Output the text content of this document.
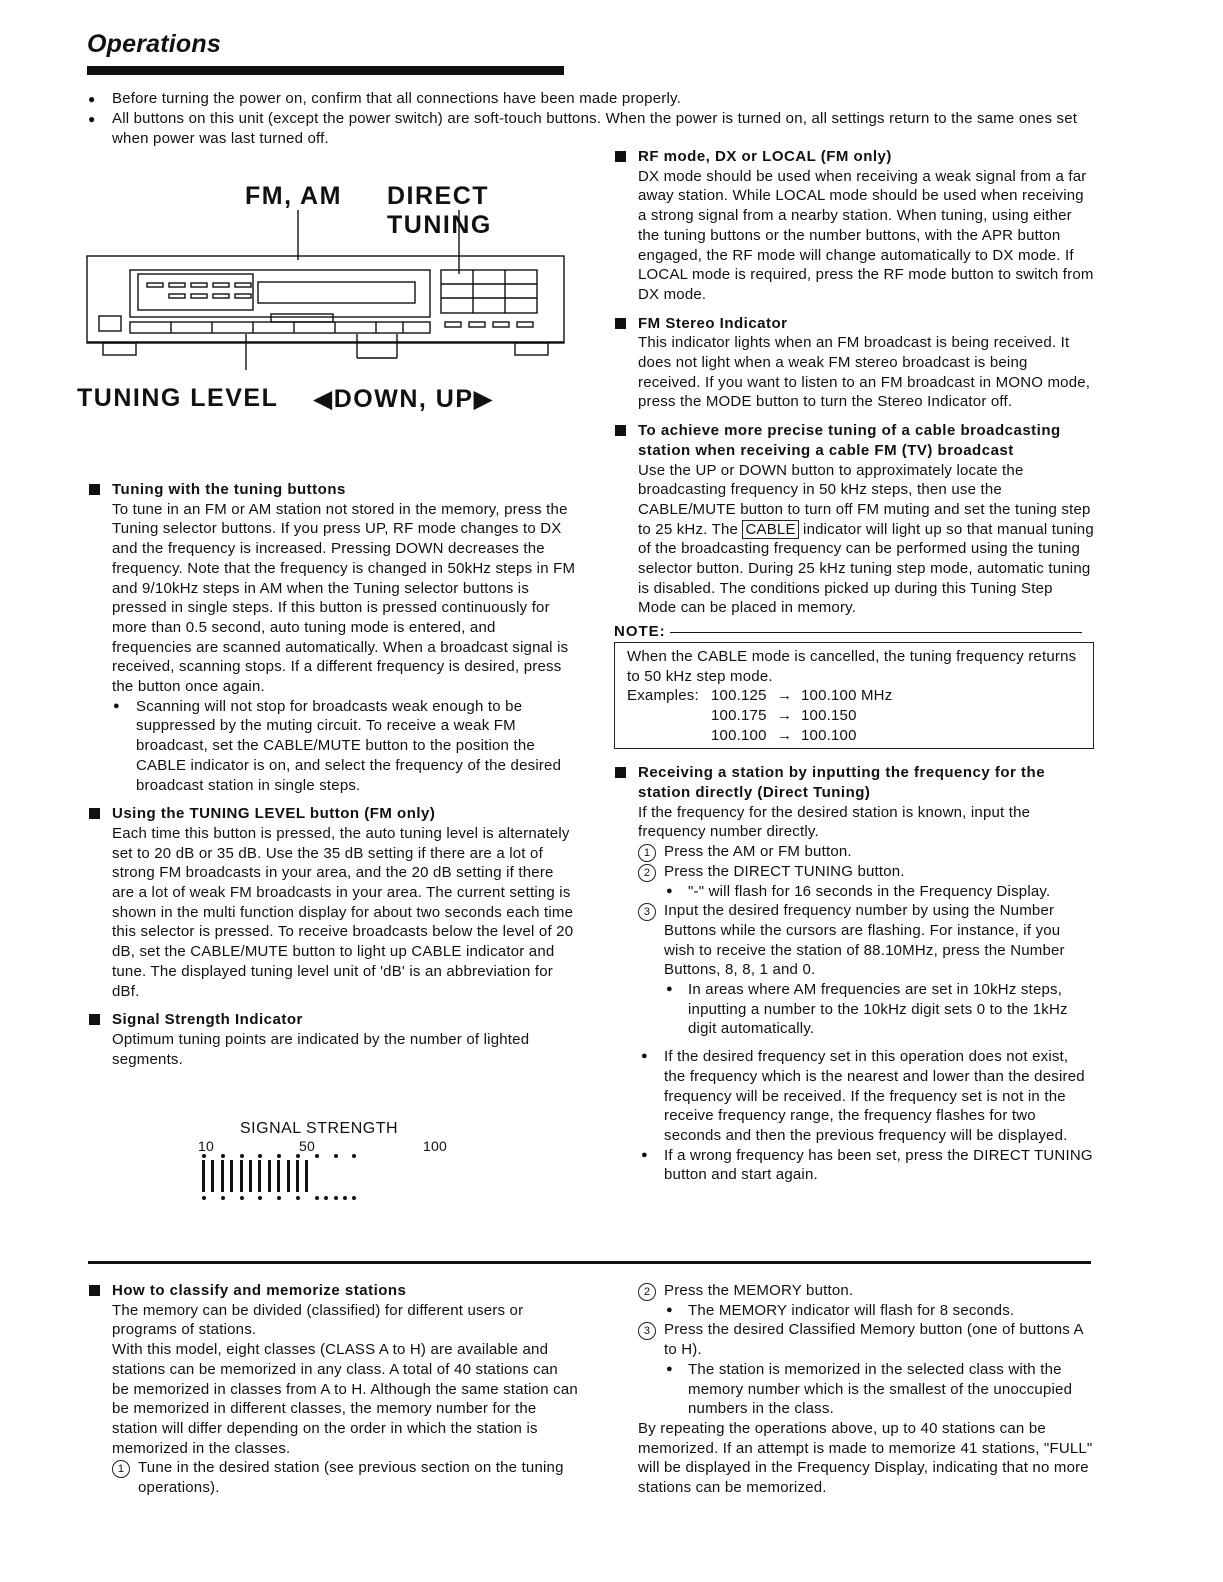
Operations
● Before turning the power on, confirm that all connections have been made properly.
● All buttons on this unit (except the power switch) are soft-touch buttons. When the power is turned on, all settings return to the same ones set when power was last turned off.
FM, AM DIRECT TUNING
TUNING LEVEL ◀DOWN, UP▶
Tuning with the tuning buttons
To tune in an FM or AM station not stored in the memory, press the Tuning selector buttons. If you press UP, RF mode changes to DX and the frequency is increased. Pressing DOWN decreases the frequency. Note that the frequency is changed in 50kHz steps in FM and 9/10kHz steps in AM when the Tuning selector buttons is pressed in single steps. If this button is pressed continuously for more than 0.5 second, auto tuning mode is entered, and frequencies are scanned automatically. When a broadcast signal is received, scanning stops. If a different frequency is desired, press the button once again.
● Scanning will not stop for broadcasts weak enough to be suppressed by the muting circuit. To receive a weak FM broadcast, set the CABLE/MUTE button to the position the CABLE indicator is on, and select the frequency of the desired broadcast station in single steps.
Using the TUNING LEVEL button (FM only)
Each time this button is pressed, the auto tuning level is alternately set to 20 dB or 35 dB. Use the 35 dB setting if there are a lot of strong FM broadcasts in your area, and the 20 dB setting if there are a lot of weak FM broadcasts in your area. The current setting is shown in the multi function display for about two seconds each time this selector is pressed. To receive broadcasts below the level of 20 dB, set the CABLE/MUTE button to light up CABLE indicator and tune. The displayed tuning level unit of 'dB' is an abbreviation for dBf.
Signal Strength Indicator
Optimum tuning points are indicated by the number of lighted segments.
SIGNAL STRENGTH
10	50	100
RF mode, DX or LOCAL (FM only)
DX mode should be used when receiving a weak signal from a far away station. While LOCAL mode should be used when receiving a strong signal from a nearby station. When tuning, using either the tuning buttons or the number buttons, with the APR button engaged, the RF mode will change automatically to DX mode. If LOCAL mode is required, press the RF mode button to switch from DX mode.
FM Stereo Indicator
This indicator lights when an FM broadcast is being received. It does not light when a weak FM stereo broadcast is being received. If you want to listen to an FM broadcast in MONO mode, press the MODE button to turn the Stereo Indicator off.
To achieve more precise tuning of a cable broadcasting station when receiving a cable FM (TV) broadcast
Use the UP or DOWN button to approximately locate the broadcasting frequency in 50 kHz steps, then use the CABLE/MUTE button to turn off FM muting and set the tuning step to 25 kHz. The CABLE indicator will light up so that manual tuning of the broadcasting frequency can be performed using the tuning selector button. During 25 kHz tuning step mode, automatic tuning is disabled. The conditions picked up during this Tuning Step Mode can be placed in memory.
NOTE:
When the CABLE mode is cancelled, the tuning frequency returns to 50 kHz step mode.
Examples: 100.125 → 100.100 MHz
100.175 → 100.150
100.100 → 100.100
Receiving a station by inputting the frequency for the station directly (Direct Tuning)
If the frequency for the desired station is known, input the frequency number directly.
1 Press the AM or FM button.
2 Press the DIRECT TUNING button.
● "-" will flash for 16 seconds in the Frequency Display.
3 Input the desired frequency number by using the Number Buttons while the cursors are flashing. For instance, if you wish to receive the station of 88.10MHz, press the Number Buttons, 8, 8, 1 and 0.
● In areas where AM frequencies are set in 10kHz steps, inputting a number to the 10kHz digit sets 0 to the 1kHz digit automatically.
● If the desired frequency set in this operation does not exist, the frequency which is the nearest and lower than the desired frequency will be received. If the frequency set is not in the receive frequency range, the frequency flashes for two seconds and then the previous frequency will be displayed.
● If a wrong frequency has been set, press the DIRECT TUNING button and start again.
How to classify and memorize stations
The memory can be divided (classified) for different users or programs of stations.
With this model, eight classes (CLASS A to H) are available and stations can be memorized in any class. A total of 40 stations can be memorized in classes from A to H. Although the same station can be memorized in different classes, the memory number for the station will differ depending on the order in which the station is memorized in the classes.
1 Tune in the desired station (see previous section on the tuning operations).
2 Press the MEMORY button.
● The MEMORY indicator will flash for 8 seconds.
3 Press the desired Classified Memory button (one of buttons A to H).
● The station is memorized in the selected class with the memory number which is the smallest of the unoccupied numbers in the class.
By repeating the operations above, up to 40 stations can be memorized. If an attempt is made to memorize 41 stations, "FULL" will be displayed in the Frequency Display, indicating that no more stations can be memorized.
